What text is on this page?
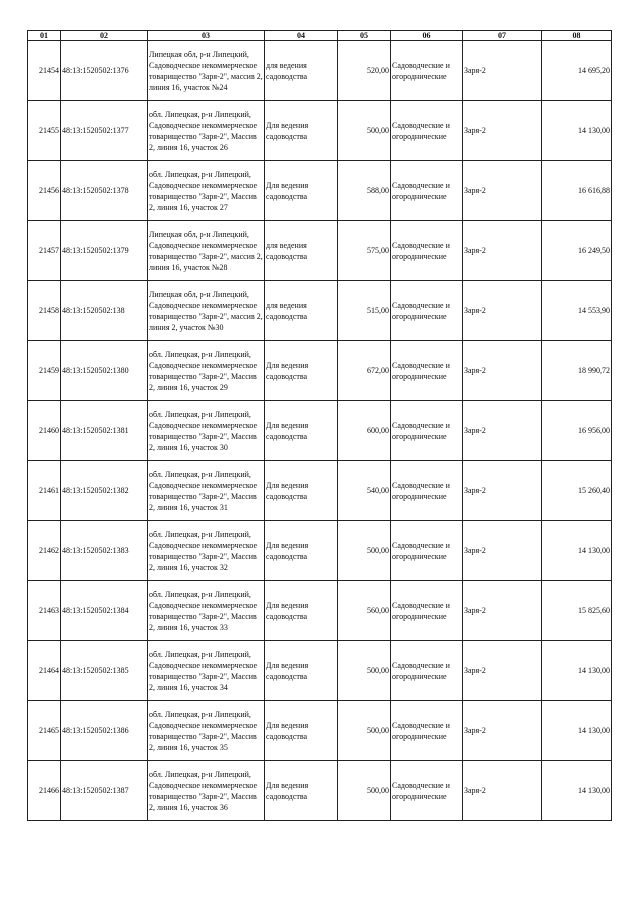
01	02	03	04	05	06	07	08
21454	48:13:1520502:1376	Липецкая обл, р-н Липецкий, Садоводческое некоммерческое товарищество "Заря-2", массив 2, линия 16, участок №24	для ведения садоводства	520,00	Садоводческие и огороднические	Заря-2	14 695,20
21455	48:13:1520502:1377	обл. Липецкая, р-н Липецкий, Садоводческое некоммерческое товарищество "Заря-2", Массив 2, линия 16, участок 26	Для ведения садоводства	500,00	Садоводческие и огороднические	Заря-2	14 130,00
21456	48:13:1520502:1378	обл. Липецкая, р-н Липецкий, Садоводческое некоммерческое товарищество "Заря-2", Массив 2, линия 16, участок 27	Для ведения садоводства	588,00	Садоводческие и огороднические	Заря-2	16 616,88
21457	48:13:1520502:1379	Липецкая обл, р-н Липецкий, Садоводческое некоммерческое товарищество "Заря-2", массив 2, линия 16, участок №28	для ведения садоводства	575,00	Садоводческие и огороднические	Заря-2	16 249,50
21458	48:13:1520502:138	Липецкая обл, р-н Липецкий, Садоводческое некоммерческое товарищество "Заря-2", массив 2, линия 2, участок №30	для ведения садоводства	515,00	Садоводческие и огороднические	Заря-2	14 553,90
21459	48:13:1520502:1380	обл. Липецкая, р-н Липецкий, Садоводческое некоммерческое товарищество "Заря-2", Массив 2, линия 16, участок 29	Для ведения садоводства	672,00	Садоводческие и огороднические	Заря-2	18 990,72
21460	48:13:1520502:1381	обл. Липецкая, р-н Липецкий, Садоводческое некоммерческое товарищество "Заря-2", Массив 2, линия 16, участок 30	Для ведения садоводства	600,00	Садоводческие и огороднические	Заря-2	16 956,00
21461	48:13:1520502:1382	обл. Липецкая, р-н Липецкий, Садоводческое некоммерческое товарищество "Заря-2", Массив 2, линия 16, участок 31	Для ведения садоводства	540,00	Садоводческие и огороднические	Заря-2	15 260,40
21462	48:13:1520502:1383	обл. Липецкая, р-н Липецкий, Садоводческое некоммерческое товарищество "Заря-2", Массив 2, линия 16, участок 32	Для ведения садоводства	500,00	Садоводческие и огороднические	Заря-2	14 130,00
21463	48:13:1520502:1384	обл. Липецкая, р-н Липецкий, Садоводческое некоммерческое товарищество "Заря-2", Массив 2, линия 16, участок 33	Для ведения садоводства	560,00	Садоводческие и огороднические	Заря-2	15 825,60
21464	48:13:1520502:1385	обл. Липецкая, р-н Липецкий, Садоводческое некоммерческое товарищество "Заря-2", Массив 2, линия 16, участок 34	Для ведения садоводства	500,00	Садоводческие и огороднические	Заря-2	14 130,00
21465	48:13:1520502:1386	обл. Липецкая, р-н Липецкий, Садоводческое некоммерческое товарищество "Заря-2", Массив 2, линия 16, участок 35	Для ведения садоводства	500,00	Садоводческие и огороднические	Заря-2	14 130,00
21466	48:13:1520502:1387	обл. Липецкая, р-н Липецкий, Садоводческое некоммерческое товарищество "Заря-2", Массив 2, линия 16, участок 36	Для ведения садоводства	500,00	Садоводческие и огороднические	Заря-2	14 130,00
